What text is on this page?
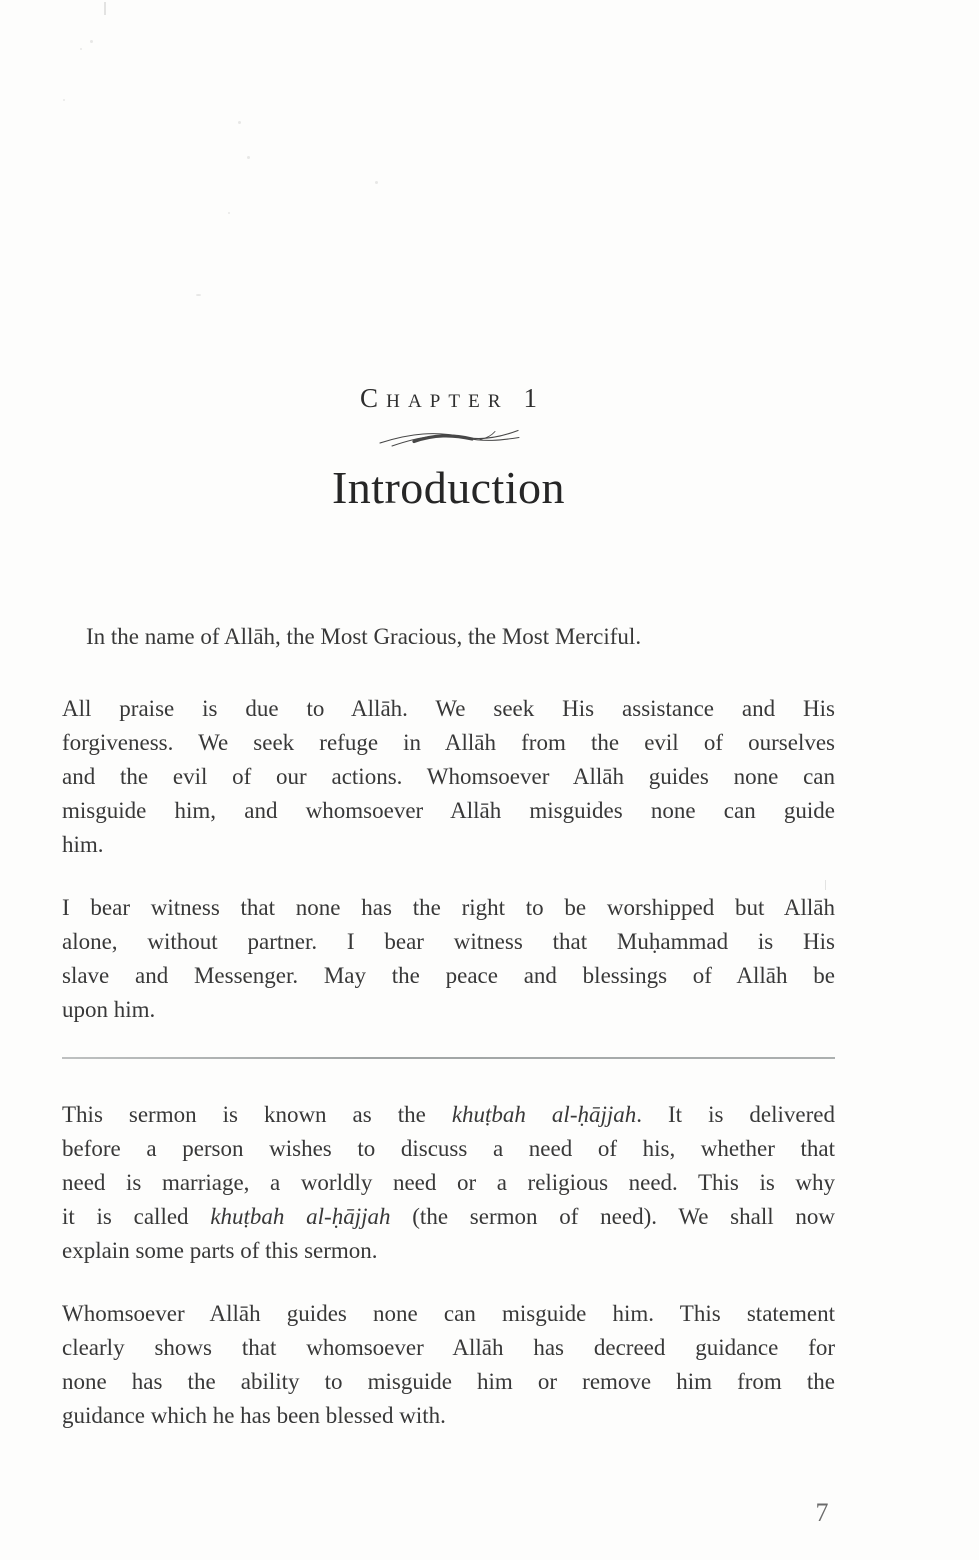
Chapter 1
Introduction

In the name of Allāh, the Most Gracious, the Most Merciful.

All praise is due to Allāh. We seek His assistance and His
forgiveness. We seek refuge in Allāh from the evil of ourselves
and the evil of our actions. Whomsoever Allāh guides none can
misguide him, and whomsoever Allāh misguides none can guide
him.
I bear witness that none has the right to be worshipped but Allāh
alone, without partner. I bear witness that Muḥammad is His
slave and Messenger. May the peace and blessings of Allāh be
upon him.
This sermon is known as the khuṭbah al-ḥājjah. It is delivered
before a person wishes to discuss a need of his, whether that
need is marriage, a worldly need or a religious need. This is why
it is called khuṭbah al-ḥājjah (the sermon of need). We shall now
explain some parts of this sermon.
Whomsoever Allāh guides none can misguide him. This statement
clearly shows that whomsoever Allāh has decreed guidance for
none has the ability to misguide him or remove him from the
guidance which he has been blessed with.
7
